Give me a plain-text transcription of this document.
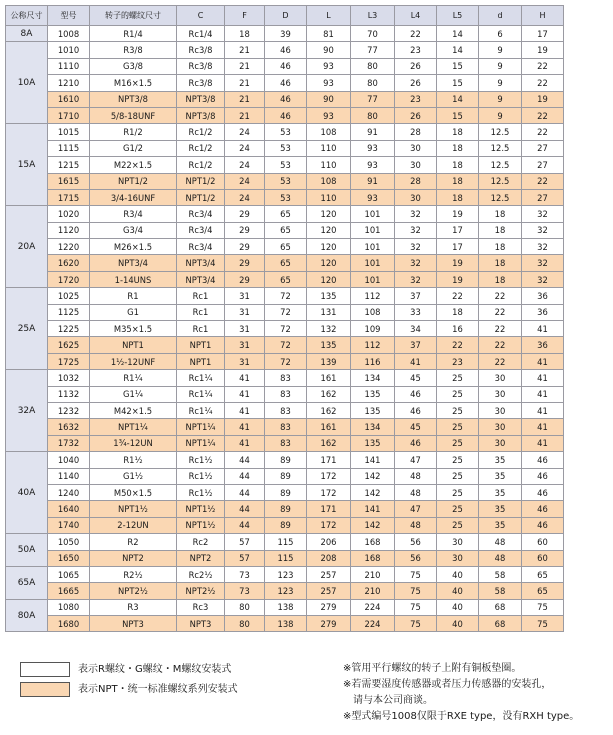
公称尺寸	型号	转子的螺纹尺寸	C	F	D	L	L3	L4	L5	d	H
8A	1008	R1/4	Rc1/4	18	39	81	70	22	14	6	17
10A	1010	R3/8	Rc3/8	21	46	90	77	23	14	9	19
	1110	G3/8	Rc3/8	21	46	93	80	26	15	9	22
	1210	M16×1.5	Rc3/8	21	46	93	80	26	15	9	22
	1610	NPT3/8	NPT3/8	21	46	90	77	23	14	9	19
	1710	5/8-18UNF	NPT3/8	21	46	93	80	26	15	9	22
15A	1015	R1/2	Rc1/2	24	53	108	91	28	18	12.5	22
	1115	G1/2	Rc1/2	24	53	110	93	30	18	12.5	27
	1215	M22×1.5	Rc1/2	24	53	110	93	30	18	12.5	27
	1615	NPT1/2	NPT1/2	24	53	108	91	28	18	12.5	22
	1715	3/4-16UNF	NPT1/2	24	53	110	93	30	18	12.5	27
20A	1020	R3/4	Rc3/4	29	65	120	101	32	19	18	32
	1120	G3/4	Rc3/4	29	65	120	101	32	17	18	32
	1220	M26×1.5	Rc3/4	29	65	120	101	32	17	18	32
	1620	NPT3/4	NPT3/4	29	65	120	101	32	19	18	32
	1720	1-14UNS	NPT3/4	29	65	120	101	32	19	18	32
25A	1025	R1	Rc1	31	72	135	112	37	22	22	36
	1125	G1	Rc1	31	72	131	108	33	18	22	36
	1225	M35×1.5	Rc1	31	72	132	109	34	16	22	41
	1625	NPT1	NPT1	31	72	135	112	37	22	22	36
	1725	1½-12UNF	NPT1	31	72	139	116	41	23	22	41
32A	1032	R1¼	Rc1¼	41	83	161	134	45	25	30	41
	1132	G1¼	Rc1¼	41	83	162	135	46	25	30	41
	1232	M42×1.5	Rc1¼	41	83	162	135	46	25	30	41
	1632	NPT1¼	NPT1¼	41	83	161	134	45	25	30	41
	1732	1¾-12UN	NPT1¼	41	83	162	135	46	25	30	41
40A	1040	R1½	Rc1½	44	89	171	141	47	25	35	46
	1140	G1½	Rc1½	44	89	172	142	48	25	35	46
	1240	M50×1.5	Rc1½	44	89	172	142	48	25	35	46
	1640	NPT1½	NPT1½	44	89	171	141	47	25	35	46
	1740	2-12UN	NPT1½	44	89	172	142	48	25	35	46
50A	1050	R2	Rc2	57	115	206	168	56	30	48	60
	1650	NPT2	NPT2	57	115	208	168	56	30	48	60
65A	1065	R2½	Rc2½	73	123	257	210	75	40	58	65
	1665	NPT2½	NPT2½	73	123	257	210	75	40	58	65
80A	1080	R3	Rc3	80	138	279	224	75	40	68	75
	1680	NPT3	NPT3	80	138	279	224	75	40	68	75
表示R螺纹・G螺纹・M螺纹安装式
表示NPT・统一标准螺纹系列安装式
※管用平行螺纹的转子上附有铜板垫圈。
※若需要湿度传感器或者压力传感器的安装孔，
　请与本公司商谈。
※型式编号1008仅限于RXE type，没有RXH type。
